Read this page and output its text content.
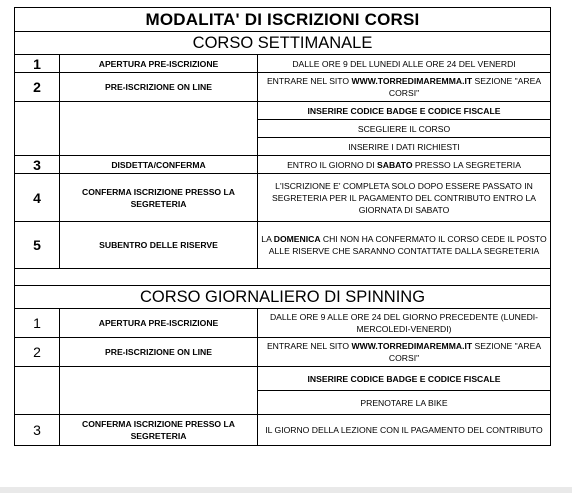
MODALITA' DI ISCRIZIONI CORSI		
CORSO SETTIMANALE		
1	APERTURA PRE-ISCRIZIONE	DALLE ORE 9 DEL LUNEDI ALLE ORE 24 DEL VENERDI
2	PRE-ISCRIZIONE ON LINE	ENTRARE NEL SITO WWW.TORREDIMAREMMA.IT SEZIONE "AREA CORSI"
		INSERIRE CODICE BADGE E CODICE FISCALE
		SCEGLIERE IL CORSO
		INSERIRE I DATI RICHIESTI
3	DISDETTA/CONFERMA	ENTRO IL GIORNO DI SABATO PRESSO LA SEGRETERIA
4	CONFERMA ISCRIZIONE PRESSO LA SEGRETERIA	L'ISCRIZIONE E' COMPLETA SOLO DOPO ESSERE PASSATO IN SEGRETERIA PER IL PAGAMENTO DEL CONTRIBUTO ENTRO LA GIORNATA DI SABATO
5	SUBENTRO DELLE RISERVE	LA DOMENICA CHI NON HA CONFERMATO IL CORSO CEDE IL POSTO ALLE RISERVE CHE SARANNO CONTATTATE DALLA SEGRETERIA

CORSO GIORNALIERO DI SPINNING		
1	APERTURA PRE-ISCRIZIONE	DALLE ORE 9 ALLE ORE 24 DEL GIORNO PRECEDENTE (LUNEDI-MERCOLEDI-VENERDI)
2	PRE-ISCRIZIONE ON LINE	ENTRARE NEL SITO WWW.TORREDIMAREMMA.IT SEZIONE "AREA CORSI"
		INSERIRE CODICE BADGE E CODICE FISCALE
		PRENOTARE LA BIKE
3	CONFERMA ISCRIZIONE PRESSO LA SEGRETERIA	IL GIORNO DELLA LEZIONE CON IL PAGAMENTO DEL CONTRIBUTO
